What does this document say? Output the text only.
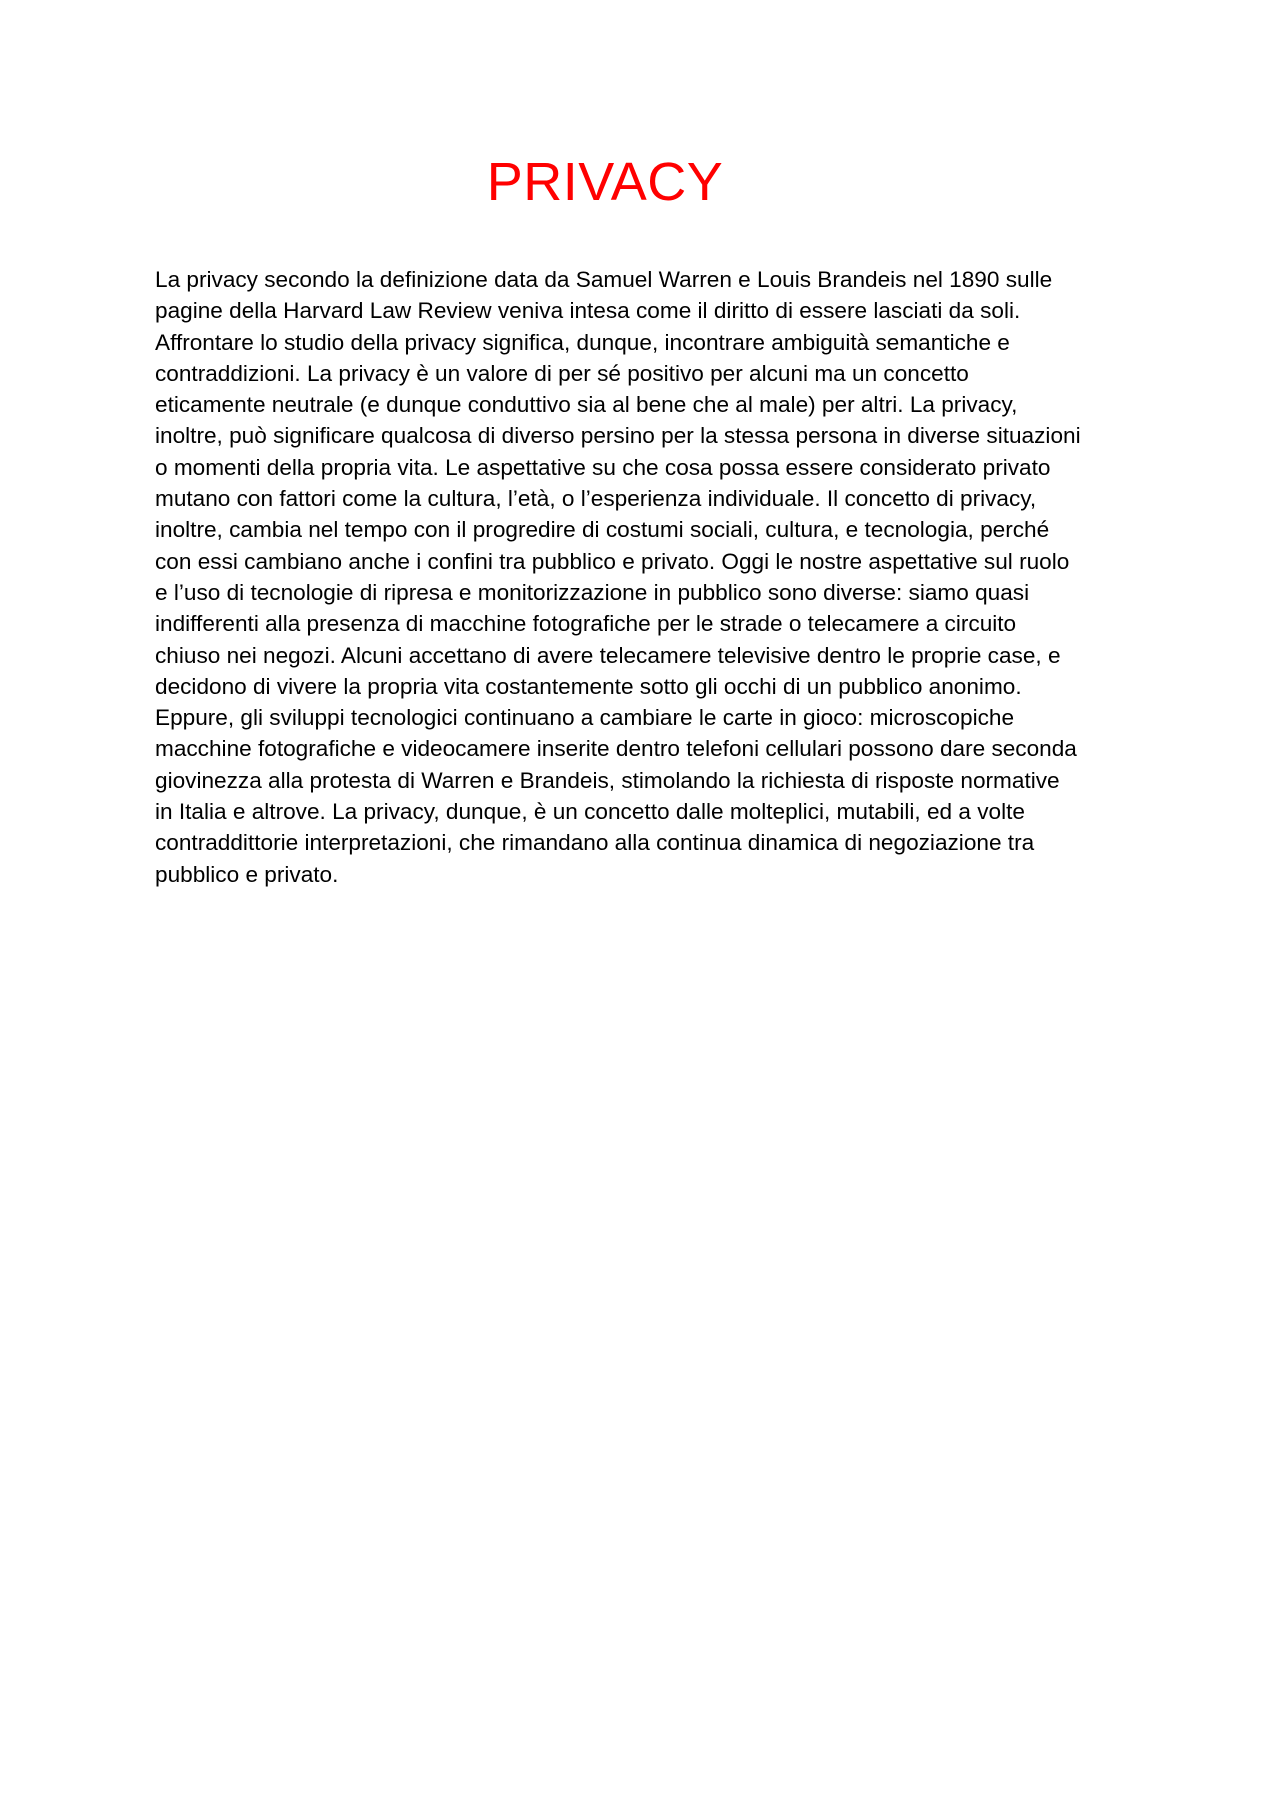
PRIVACY
La privacy secondo la definizione data da Samuel Warren e Louis Brandeis nel 1890 sulle
pagine della Harvard Law Review veniva intesa come il diritto di essere lasciati da soli.
Affrontare lo studio della privacy significa, dunque, incontrare ambiguità semantiche e
contraddizioni. La privacy è un valore di per sé positivo per alcuni ma un concetto
eticamente neutrale (e dunque conduttivo sia al bene che al male) per altri. La privacy,
inoltre, può significare qualcosa di diverso persino per la stessa persona in diverse situazioni
o momenti della propria vita. Le aspettative su che cosa possa essere considerato privato
mutano con fattori come la cultura, l’età, o l’esperienza individuale. Il concetto di privacy,
inoltre, cambia nel tempo con il progredire di costumi sociali, cultura, e tecnologia, perché
con essi cambiano anche i confini tra pubblico e privato. Oggi le nostre aspettative sul ruolo
e l’uso di tecnologie di ripresa e monitorizzazione in pubblico sono diverse: siamo quasi
indifferenti alla presenza di macchine fotografiche per le strade o telecamere a circuito
chiuso nei negozi. Alcuni accettano di avere telecamere televisive dentro le proprie case, e
decidono di vivere la propria vita costantemente sotto gli occhi di un pubblico anonimo.
Eppure, gli sviluppi tecnologici continuano a cambiare le carte in gioco: microscopiche
macchine fotografiche e videocamere inserite dentro telefoni cellulari possono dare seconda
giovinezza alla protesta di Warren e Brandeis, stimolando la richiesta di risposte normative
in Italia e altrove. La privacy, dunque, è un concetto dalle molteplici, mutabili, ed a volte
contraddittorie interpretazioni, che rimandano alla continua dinamica di negoziazione tra
pubblico e privato.
